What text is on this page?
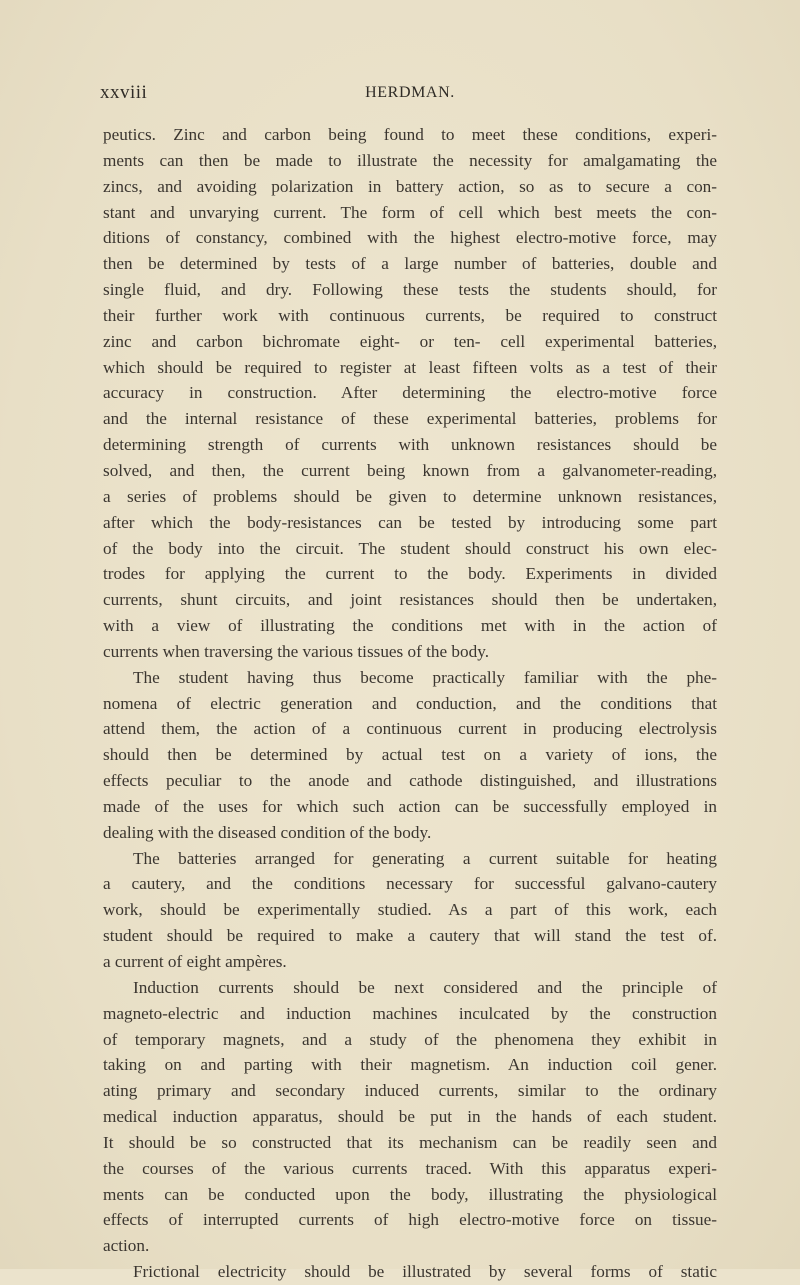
xxviii	HERDMAN.
peutics. Zinc and carbon being found to meet these conditions, experi-
ments can then be made to illustrate the necessity for amalgamating the
zincs, and avoiding polarization in battery action, so as to secure a con-
stant and unvarying current. The form of cell which best meets the con-
ditions of constancy, combined with the highest electro-motive force, may
then be determined by tests of a large number of batteries, double and
single fluid, and dry. Following these tests the students should, for
their further work with continuous currents, be required to construct
zinc and carbon bichromate eight- or ten- cell experimental batteries,
which should be required to register at least fifteen volts as a test of their
accuracy in construction. After determining the electro-motive force
and the internal resistance of these experimental batteries, problems for
determining strength of currents with unknown resistances should be
solved, and then, the current being known from a galvanometer-reading,
a series of problems should be given to determine unknown resistances,
after which the body-resistances can be tested by introducing some part
of the body into the circuit. The student should construct his own elec-
trodes for applying the current to the body. Experiments in divided
currents, shunt circuits, and joint resistances should then be undertaken,
with a view of illustrating the conditions met with in the action of
currents when traversing the various tissues of the body.
The student having thus become practically familiar with the phe-
nomena of electric generation and conduction, and the conditions that
attend them, the action of a continuous current in producing electrolysis
should then be determined by actual test on a variety of ions, the
effects peculiar to the anode and cathode distinguished, and illustrations
made of the uses for which such action can be successfully employed in
dealing with the diseased condition of the body.
The batteries arranged for generating a current suitable for heating
a cautery, and the conditions necessary for successful galvano-cautery
work, should be experimentally studied. As a part of this work, each
student should be required to make a cautery that will stand the test of.
a current of eight ampères.
Induction currents should be next considered and the principle of
magneto-electric and induction machines inculcated by the construction
of temporary magnets, and a study of the phenomena they exhibit in
taking on and parting with their magnetism. An induction coil gener.
ating primary and secondary induced currents, similar to the ordinary
medical induction apparatus, should be put in the hands of each student.
It should be so constructed that its mechanism can be readily seen and
the courses of the various currents traced. With this apparatus experi-
ments can be conducted upon the body, illustrating the physiological
effects of interrupted currents of high electro-motive force on tissue-
action.
Frictional electricity should be illustrated by several forms of static
